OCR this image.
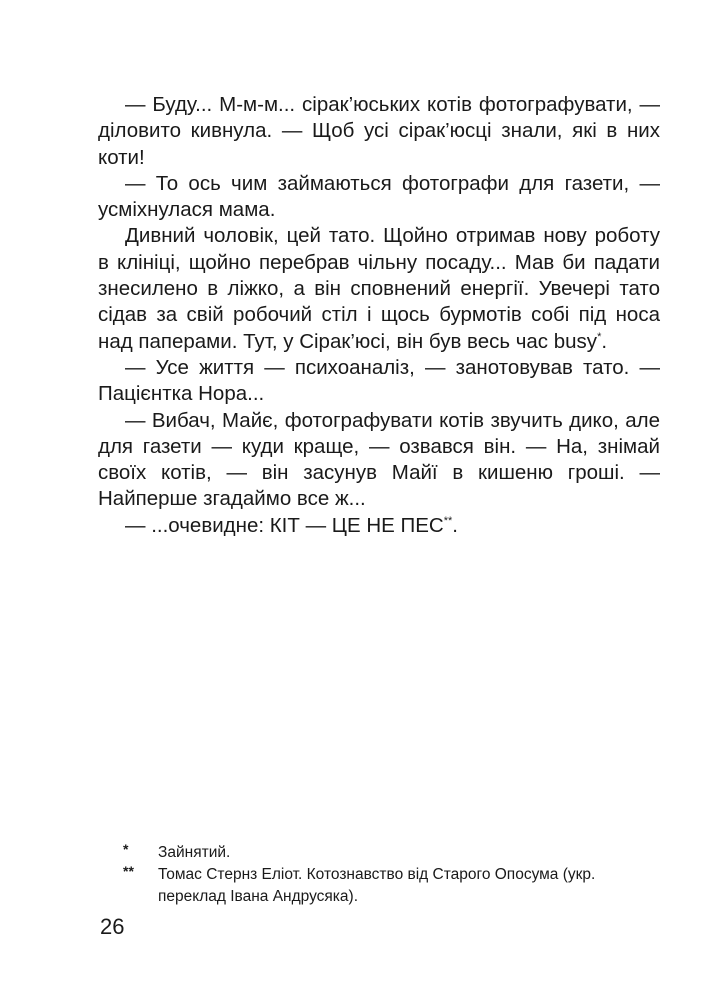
— Буду... М-м-м... сірак’юських котів фотографувати, — діловито кивнула. — Щоб усі сірак’юсці знали, які в них коти!

— То ось чим займаються фотографи для газети, — усміхнулася мама.

Дивний чоловік, цей тато. Щойно отримав нову роботу в клініці, щойно перебрав чільну посаду... Мав би падати знесилено в ліжко, а він сповнений енергії. Увечері тато сідав за свій робочий стіл і щось бурмотів собі під носа над паперами. Тут, у Сірак’юсі, він був весь час busy*.

— Усе життя — психоаналіз, — занотовував тато. — Пацієнтка Нора...

— Вибач, Майє, фотографувати котів звучить дико, але для газети — куди краще, — озвався він. — На, знімай своїх котів, — він засунув Майї в кишеню гроші. — Найперше згадаймо все ж...

— ...очевидне: КІТ — ЦЕ НЕ ПЕС**.

* Зайнятий.

** Томас Стернз Еліот. Котознавство від Старого Опосума (укр. переклад Івана Андрусяка).

26
